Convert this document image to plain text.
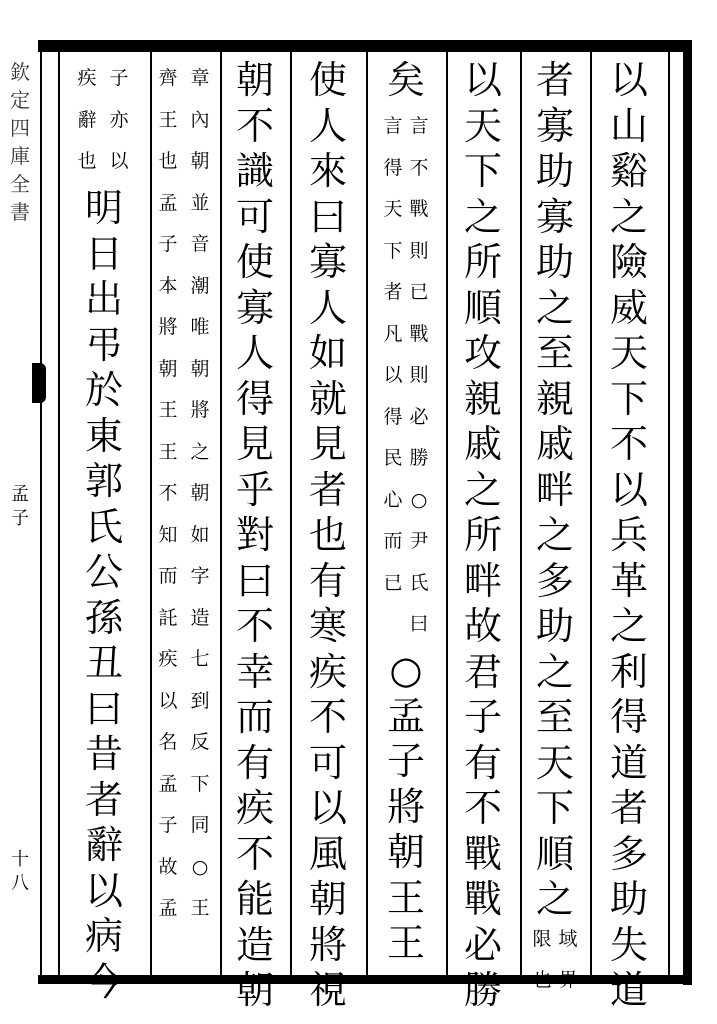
欽
定
四
庫
全
書
孟
子
十
八
以
山
谿
之
險
威
天
下
不
以
兵
革
之
利
得
道
者
多
助
失
道
者
寡
助
寡
助
之
至
親
戚
畔
之
多
助
之
至
天
下
順
之
域
界
限
也
以
天
下
之
所
順
攻
親
戚
之
所
畔
故
君
子
有
不
戰
戰
必
勝
矣
言
不
戰
則
已
戰
則
必
勝
○
尹
氏
曰
言
得
天
下
者
凡
以
得
民
心
而
已
○
孟
子
將
朝
王
王
使
人
來
曰
寡
人
如
就
見
者
也
有
寒
疾
不
可
以
風
朝
將
視
朝
不
識
可
使
寡
人
得
見
乎
對
曰
不
幸
而
有
疾
不
能
造
朝
章
內
朝
並
音
潮
唯
朝
將
之
朝
如
字
造
七
到
反
下
同
○
王
齊
王
也
孟
子
本
將
朝
王
王
不
知
而
託
疾
以
名
孟
子
故
孟
子
亦
以
疾
辭
也
明
日
出
弔
於
東
郭
氏
公
孫
丑
曰
昔
者
辭
以
病
今
